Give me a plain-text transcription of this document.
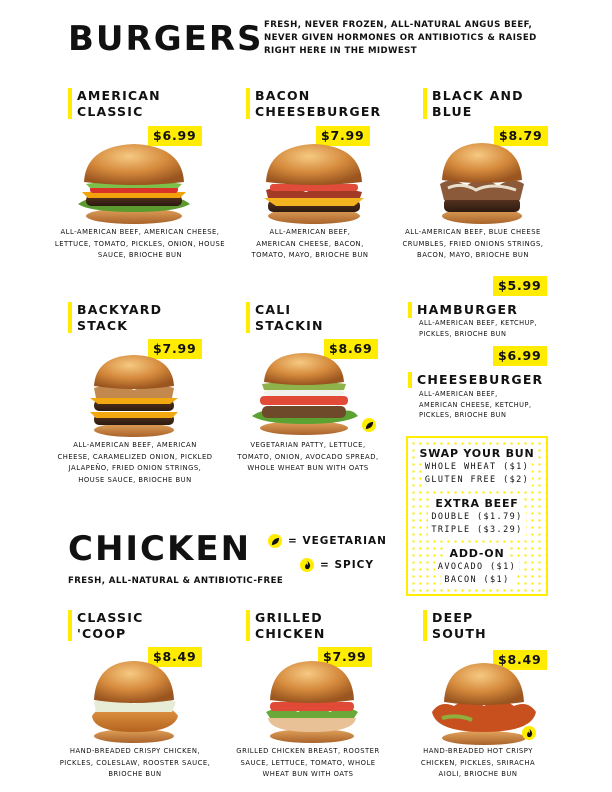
BURGERS FRESH, NEVER FROZEN, ALL-NATURAL ANGUS BEEF,
NEVER GIVEN HORMONES OR ANTIBIOTICS & RAISED
RIGHT HERE IN THE MIDWEST
AMERICAN
CLASSIC
$6.99
ALL-AMERICAN BEEF, AMERICAN CHEESE,
LETTUCE, TOMATO, PICKLES, ONION, HOUSE
SAUCE, BRIOCHE BUN
BACON
CHEESEBURGER
$7.99
ALL-AMERICAN BEEF,
AMERICAN CHEESE, BACON,
TOMATO, MAYO, BRIOCHE BUN
BLACK AND
BLUE
$8.79
ALL-AMERICAN BEEF, BLUE CHEESE
CRUMBLES, FRIED ONIONS STRINGS,
BACON, MAYO, BRIOCHE BUN
BACKYARD
STACK
$7.99
ALL-AMERICAN BEEF, AMERICAN
CHEESE, CARAMELIZED ONION, PICKLED
JALAPEÑO, FRIED ONION STRINGS,
HOUSE SAUCE, BRIOCHE BUN
CALI
STACKIN
$8.69
VEGETARIAN PATTY, LETTUCE,
TOMATO, ONION, AVOCADO SPREAD,
WHOLE WHEAT BUN WITH OATS
$5.99
HAMBURGER
ALL-AMERICAN BEEF, KETCHUP,
PICKLES, BRIOCHE BUN
$6.99
CHEESEBURGER
ALL-AMERICAN BEEF,
AMERICAN CHEESE, KETCHUP,
PICKLES, BRIOCHE BUN
SWAP YOUR BUN
WHOLE WHEAT ($1)
GLUTEN FREE ($2)
EXTRA BEEF
DOUBLE ($1.79)
TRIPLE ($3.29)
ADD-ON
AVOCADO ($1)
BACON ($1)
CHICKEN
FRESH, ALL-NATURAL & ANTIBIOTIC-FREE
= VEGETARIAN
= SPICY
CLASSIC
'COOP
$8.49
HAND-BREADED CRISPY CHICKEN,
PICKLES, COLESLAW, ROOSTER SAUCE,
BRIOCHE BUN
GRILLED
CHICKEN
$7.99
GRILLED CHICKEN BREAST, ROOSTER
SAUCE, LETTUCE, TOMATO, WHOLE
WHEAT BUN WITH OATS
DEEP
SOUTH
$8.49
HAND-BREADED HOT CRISPY
CHICKEN, PICKLES, SRIRACHA
AIOLI, BRIOCHE BUN
